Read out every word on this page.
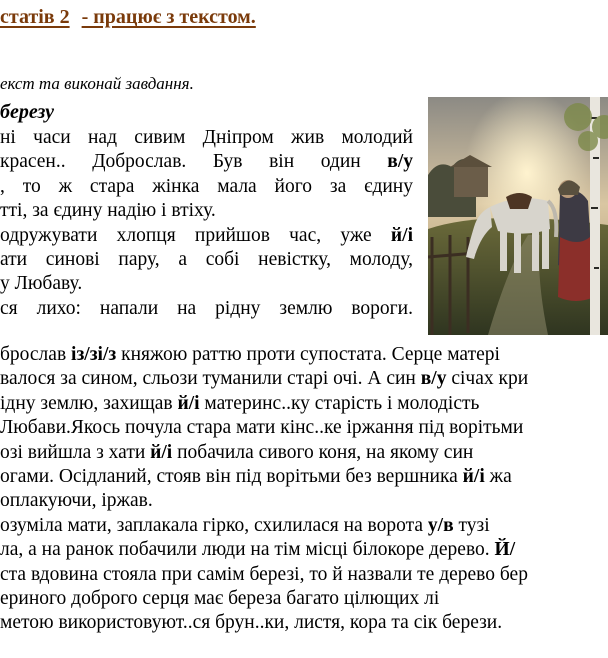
статів 2 - працює з текстом.
екст та виконай завдання.
березу
ні часи над сивим Дніпром жив молодий
красен.. Доброслав. Був він один в/у
, то ж стара жінка мала його за єдину
тті, за єдину надію і втіху.
одружувати хлопця прийшов час, уже й/і
ати синові пару, а собі невістку, молоду,
у Любаву.
ся лихо: напали на рідну землю вороги.
брослав із/зі/з княжою раттю проти супостата. Серце матері
валося за сином, сльози туманили старі очі. А син в/у січах кри
ідну землю, захищав й/і материнс..ку старість і молодість
Любави.Якось почула стара мати кінс..ке іржання під ворітьми
озі вийшла з хати й/і побачила сивого коня, на якому син
огами. Осідланий, стояв він під ворітьми без вершника й/і жа
оплакуючи, іржав.
озуміла мати, заплакала гірко, схилилася на ворота у/в тузі
ла, а на ранок побачили люди на тім місці білокоре дерево. Й/
ста вдовина стояла при самім березі, то й назвали те дерево бер
ериного доброго серця має береза багато цілющих лі
метою використовуют..ся брун..ки, листя, кора та сік берези.
